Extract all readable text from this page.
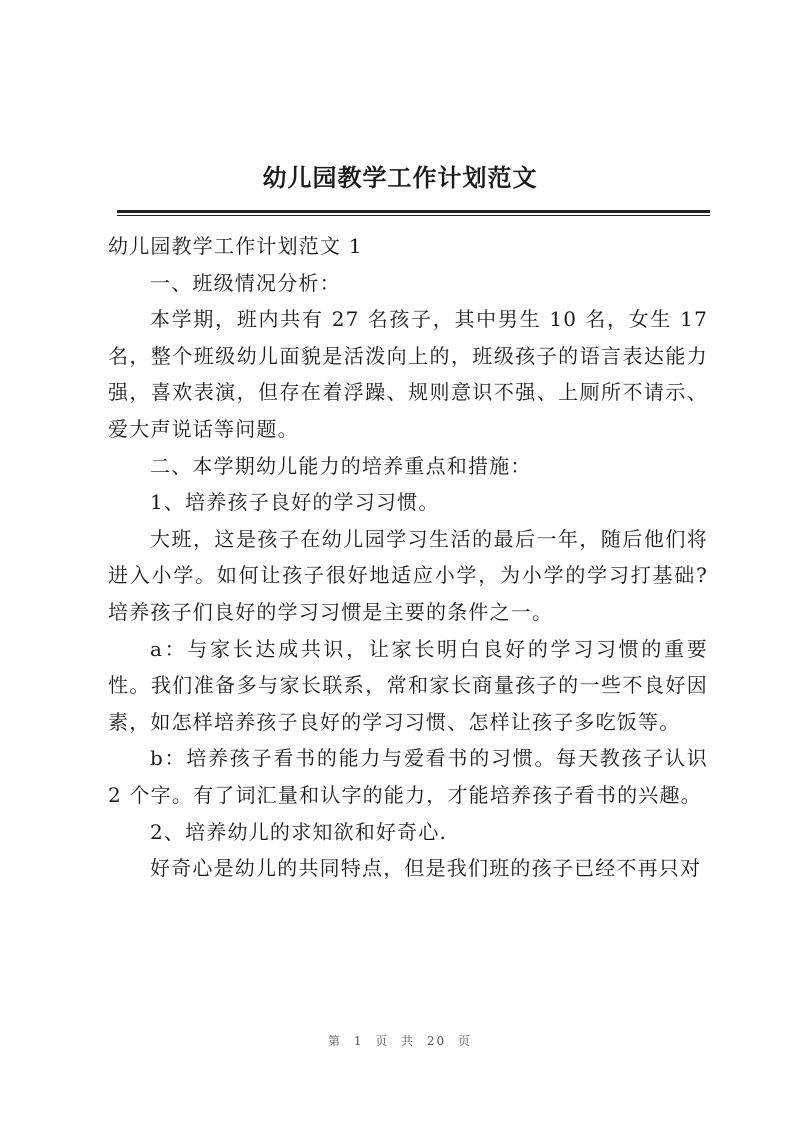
幼儿园教学工作计划范文

幼儿园教学工作计划范文 1

一、班级情况分析：

本学期，班内共有 27 名孩子，其中男生 10 名，女生 17 名，整个班级幼儿面貌是活泼向上的，班级孩子的语言表达能力强，喜欢表演，但存在着浮躁、规则意识不强、上厕所不请示、爱大声说话等问题。

二、本学期幼儿能力的培养重点和措施：

1、培养孩子良好的学习习惯。

大班，这是孩子在幼儿园学习生活的最后一年，随后他们将进入小学。如何让孩子很好地适应小学，为小学的学习打基础?培养孩子们良好的学习习惯是主要的条件之一。

a：与家长达成共识，让家长明白良好的学习习惯的重要性。我们准备多与家长联系，常和家长商量孩子的一些不良好因素，如怎样培养孩子良好的学习习惯、怎样让孩子多吃饭等。

b：培养孩子看书的能力与爱看书的习惯。每天教孩子认识 2 个字。有了词汇量和认字的能力，才能培养孩子看书的兴趣。

2、培养幼儿的求知欲和好奇心.

好奇心是幼儿的共同特点，但是我们班的孩子已经不再只对

第 1 页 共 20 页
